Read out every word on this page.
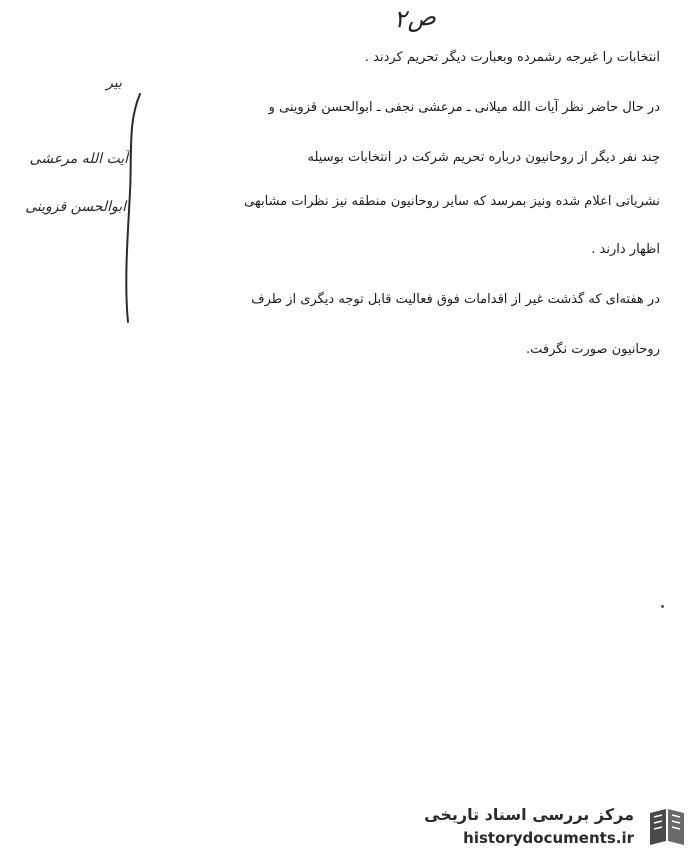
ص۲
بیر
آیت الله مرعشی
ابوالحسن قزوینی
انتخابات را غیرجه رشمرده وبعبارت دیگر تحریم کردند .
در حال حاضر نظر آیات الله میلانی ـ مرعشی نجفی ـ ابوالحسن قزوینی و
چند نفر دیگر از روحانیون درباره تحریم شرکت در انتخابات بوسیله
نشریاتی اعلام شده ونیز بمرسد که سایر روحانیون منطقه نیز نظرات مشابهی
اظهار دارند .
در هفته‌ای که گذشت غیر از اقدامات فوق فعالیت قابل توجه دیگری از طرف
روحانیون صورت نگرفت.
مرکز بررسی اسناد تاریخی
historydocuments.ir
